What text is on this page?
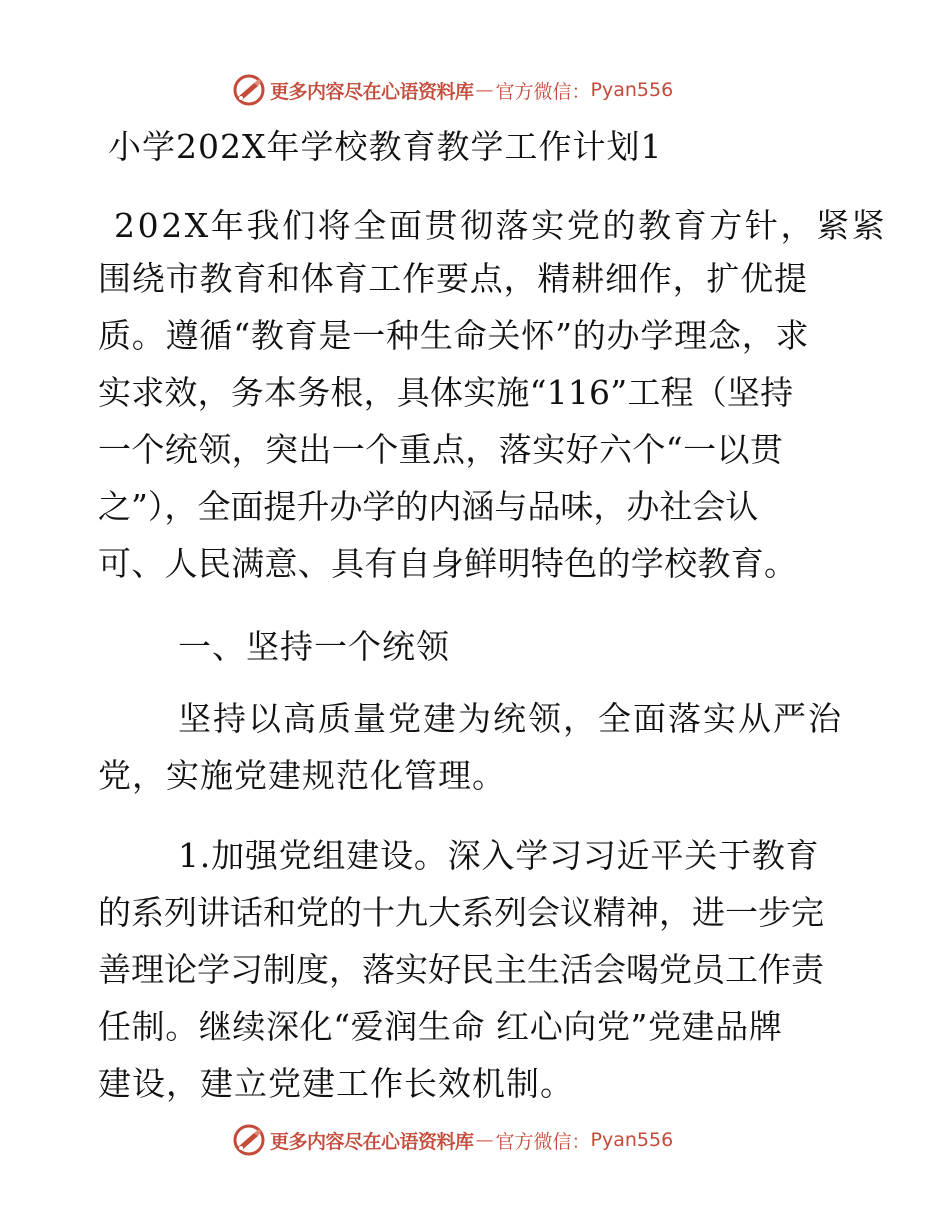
更多内容尽在心语资料库 — 官方微信： Pyan556
小学202X年学校教育教学工作计划1

202X年我们将全面贯彻落实党的教育方针，紧紧

围绕市教育和体育工作要点，精耕细作，扩优提

质。遵循“教育是一种生命关怀”的办学理念，求

实求效，务本务根，具体实施“116”工程（坚持

一个统领，突出一个重点，落实好六个“一以贯

之”），全面提升办学的内涵与品味，办社会认

可、人民满意、具有自身鲜明特色的学校教育。

一、坚持一个统领

坚持以高质量党建为统领，全面落实从严治

党，实施党建规范化管理。

1.加强党组建设。深入学习习近平关于教育

的系列讲话和党的十九大系列会议精神，进一步完

善理论学习制度，落实好民主生活会喝党员工作责

任制。继续深化“爱润生命 红心向党”党建品牌

建设，建立党建工作长效机制。

更多内容尽在心语资料库 — 官方微信： Pyan556
